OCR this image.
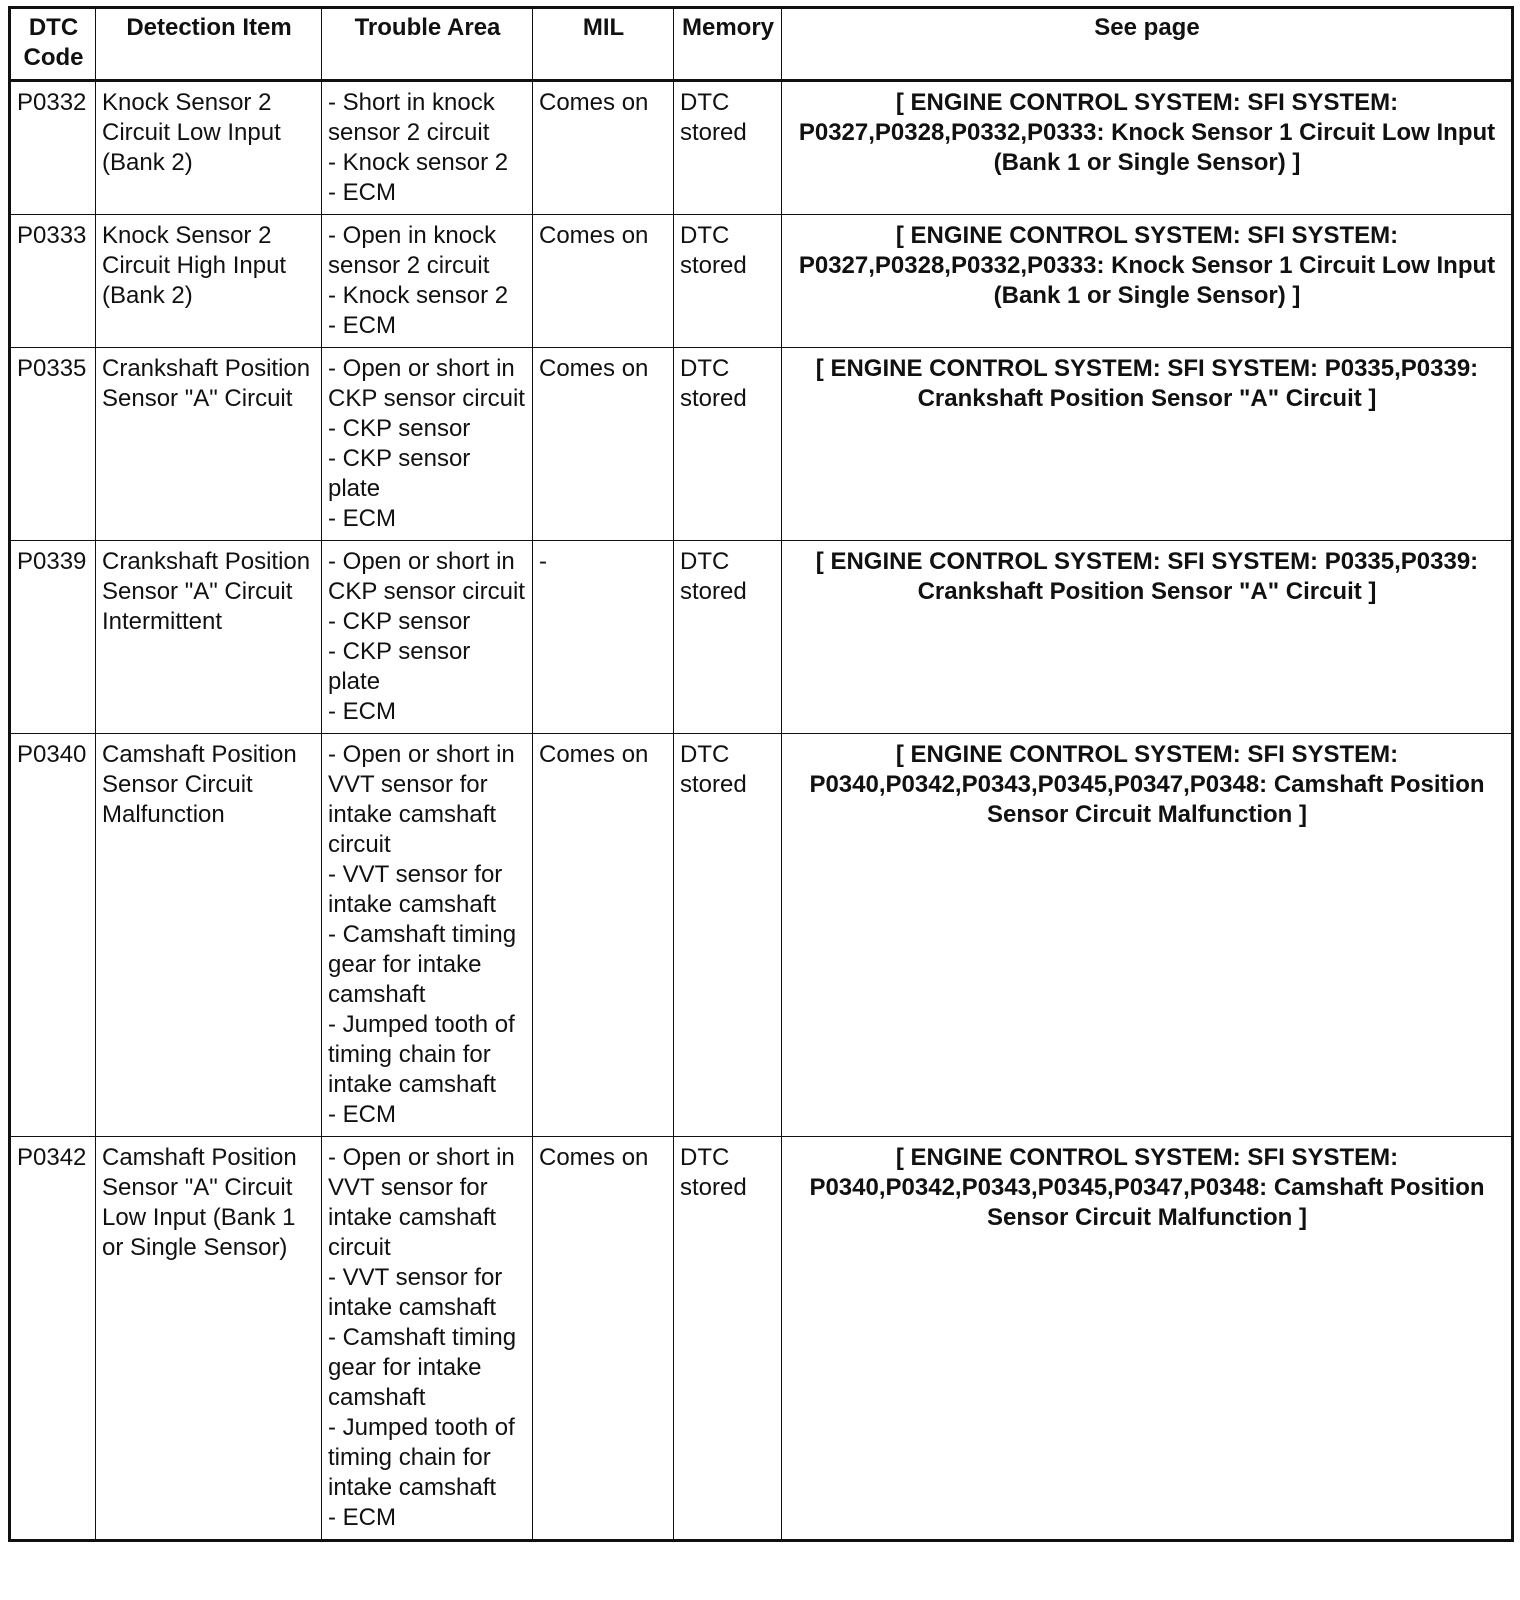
DTC Code	Detection Item	Trouble Area	MIL	Memory	See page
P0332	Knock Sensor 2 Circuit Low Input (Bank 2)	- Short in knock sensor 2 circuit
- Knock sensor 2
- ECM	Comes on	DTC stored	[ ENGINE CONTROL SYSTEM: SFI SYSTEM: P0327,P0328,P0332,P0333: Knock Sensor 1 Circuit Low Input (Bank 1 or Single Sensor) ]
P0333	Knock Sensor 2 Circuit High Input (Bank 2)	- Open in knock sensor 2 circuit
- Knock sensor 2
- ECM	Comes on	DTC stored	[ ENGINE CONTROL SYSTEM: SFI SYSTEM: P0327,P0328,P0332,P0333: Knock Sensor 1 Circuit Low Input (Bank 1 or Single Sensor) ]
P0335	Crankshaft Position Sensor "A" Circuit	- Open or short in CKP sensor circuit
- CKP sensor
- CKP sensor plate
- ECM	Comes on	DTC stored	[ ENGINE CONTROL SYSTEM: SFI SYSTEM: P0335,P0339: Crankshaft Position Sensor "A" Circuit ]
P0339	Crankshaft Position Sensor "A" Circuit Intermittent	- Open or short in CKP sensor circuit
- CKP sensor
- CKP sensor plate
- ECM	-	DTC stored	[ ENGINE CONTROL SYSTEM: SFI SYSTEM: P0335,P0339: Crankshaft Position Sensor "A" Circuit ]
P0340	Camshaft Position Sensor Circuit Malfunction	- Open or short in VVT sensor for intake camshaft circuit
- VVT sensor for intake camshaft
- Camshaft timing gear for intake camshaft
- Jumped tooth of timing chain for intake camshaft
- ECM	Comes on	DTC stored	[ ENGINE CONTROL SYSTEM: SFI SYSTEM: P0340,P0342,P0343,P0345,P0347,P0348: Camshaft Position Sensor Circuit Malfunction ]
P0342	Camshaft Position Sensor "A" Circuit Low Input (Bank 1 or Single Sensor)	- Open or short in VVT sensor for intake camshaft circuit
- VVT sensor for intake camshaft
- Camshaft timing gear for intake camshaft
- Jumped tooth of timing chain for intake camshaft
- ECM	Comes on	DTC stored	[ ENGINE CONTROL SYSTEM: SFI SYSTEM: P0340,P0342,P0343,P0345,P0347,P0348: Camshaft Position Sensor Circuit Malfunction ]
